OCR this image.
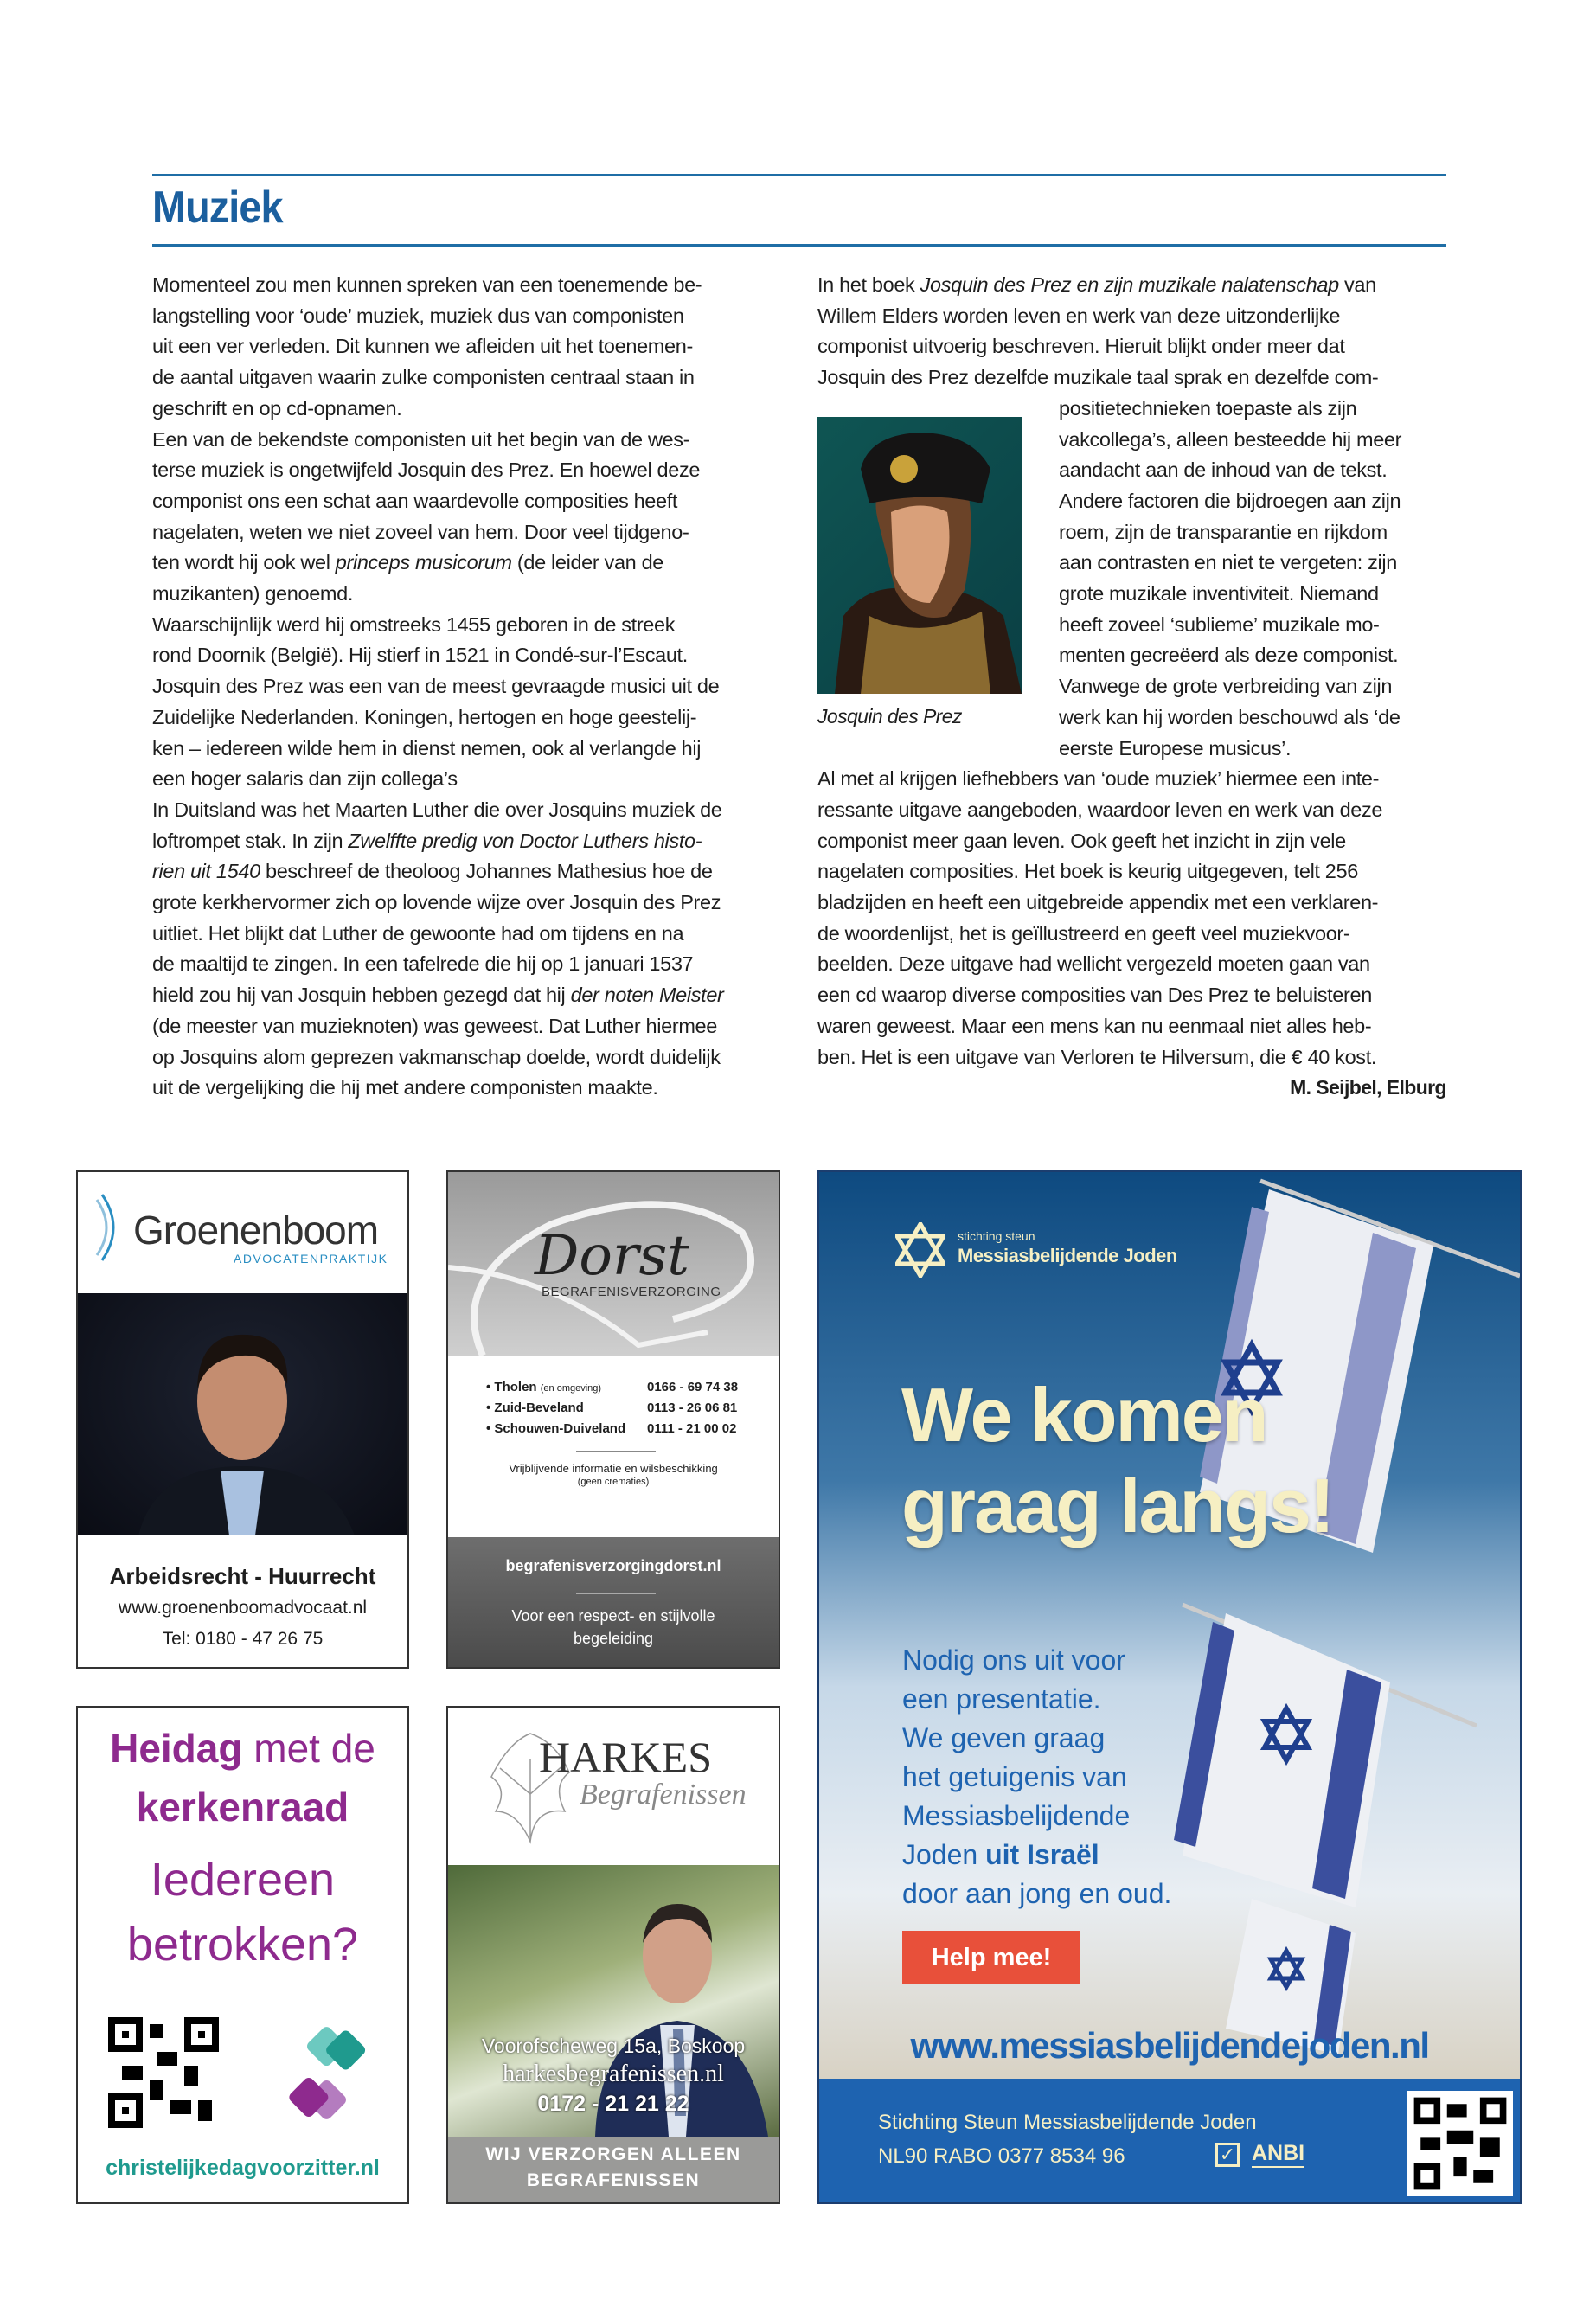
Muziek
Momenteel zou men kunnen spreken van een toenemende be-
langstelling voor ‘oude’ muziek, muziek dus van componisten
uit een ver verleden. Dit kunnen we afleiden uit het toenemen-
de aantal uitgaven waarin zulke componisten centraal staan in
geschrift en op cd-opnamen.
Een van de bekendste componisten uit het begin van de wes-
terse muziek is ongetwijfeld Josquin des Prez. En hoewel deze
componist ons een schat aan waardevolle composities heeft
nagelaten, weten we niet zoveel van hem. Door veel tijdgeno-
ten wordt hij ook wel princeps musicorum (de leider van de
muzikanten) genoemd.
Waarschijnlijk werd hij omstreeks 1455 geboren in de streek
rond Doornik (België). Hij stierf in 1521 in Condé-sur-l’Escaut.
Josquin des Prez was een van de meest gevraagde musici uit de
Zuidelijke Nederlanden. Koningen, hertogen en hoge geestelij-
ken – iedereen wilde hem in dienst nemen, ook al verlangde hij
een hoger salaris dan zijn collega’s
In Duitsland was het Maarten Luther die over Josquins muziek de
loftrompet stak. In zijn Zwelffte predig von Doctor Luthers histo-
rien uit 1540 beschreef de theoloog Johannes Mathesius hoe de
grote kerkhervormer zich op lovende wijze over Josquin des Prez
uitliet. Het blijkt dat Luther de gewoonte had om tijdens en na
de maaltijd te zingen. In een tafelrede die hij op 1 januari 1537
hield zou hij van Josquin hebben gezegd dat hij der noten Meister
(de meester van muzieknoten) was geweest. Dat Luther hiermee
op Josquins alom geprezen vakmanschap doelde, wordt duidelijk
uit de vergelijking die hij met andere componisten maakte.
In het boek Josquin des Prez en zijn muzikale nalatenschap van
Willem Elders worden leven en werk van deze uitzonderlijke
componist uitvoerig beschreven. Hieruit blijkt onder meer dat
Josquin des Prez dezelfde muzikale taal sprak en dezelfde com-
positietechnieken toepaste als zijn
vakcollega’s, alleen besteedde hij meer
aandacht aan de inhoud van de tekst.
Andere factoren die bijdroegen aan zijn
roem, zijn de transparantie en rijkdom
aan contrasten en niet te vergeten: zijn
grote muzikale inventiviteit. Niemand
heeft zoveel ‘sublieme’ muzikale mo-
menten gecreëerd als deze componist.
Vanwege de grote verbreiding van zijn
werk kan hij worden beschouwd als ‘de
eerste Europese musicus’.
Al met al krijgen liefhebbers van ‘oude muziek’ hiermee een inte-
ressante uitgave aangeboden, waardoor leven en werk van deze
componist meer gaan leven. Ook geeft het inzicht in zijn vele
nagelaten composities. Het boek is keurig uitgegeven, telt 256
bladzijden en heeft een uitgebreide appendix met een verklaren-
de woordenlijst, het is geïllustreerd en geeft veel muziekvoor-
beelden. Deze uitgave had wellicht vergezeld moeten gaan van
een cd waarop diverse composities van Des Prez te beluisteren
waren geweest. Maar een mens kan nu eenmaal niet alles heb-
ben. Het is een uitgave van Verloren te Hilversum, die € 40 kost.
Josquin des Prez
M. Seijbel, Elburg
Groenenboom
ADVOCATENPRAKTIJK
Arbeidsrecht - Huurrecht
www.groenenboomadvocaat.nl
Tel: 0180 - 47 26 75
Dorst
BEGRAFENISVERZORGING
• Tholen (en omgeving)	0166 - 69 74 38
• Zuid-Beveland	0113 - 26 06 81
• Schouwen-Duiveland 0111 - 21 00 02
Vrijblijvende informatie en wilsbeschikking
(geen crematies)
begrafenisverzorgingdorst.nl
Voor een respect- en stijlvolle begeleiding
Heidag met de
kerkenraad
Iedereen
betrokken?
christelijkedagvoorzitter.nl
HARKES
Begrafenissen
Voorofscheweg 15a, Boskoop
harkesbegrafenissen.nl
0172 - 21 21 22
WIJ VERZORGEN ALLEEN
BEGRAFENISSEN
stichting steun
Messiasbelijdende Joden
We komen
graag langs!
Nodig ons uit voor
een presentatie.
We geven graag
het getuigenis van
Messiasbelijdende
Joden uit Israël
door aan jong en oud.
Help mee!
www.messiasbelijdendejoden.nl
Stichting Steun Messiasbelijdende Joden
NL90 RABO 0377 8534 96	✓ ANBI
